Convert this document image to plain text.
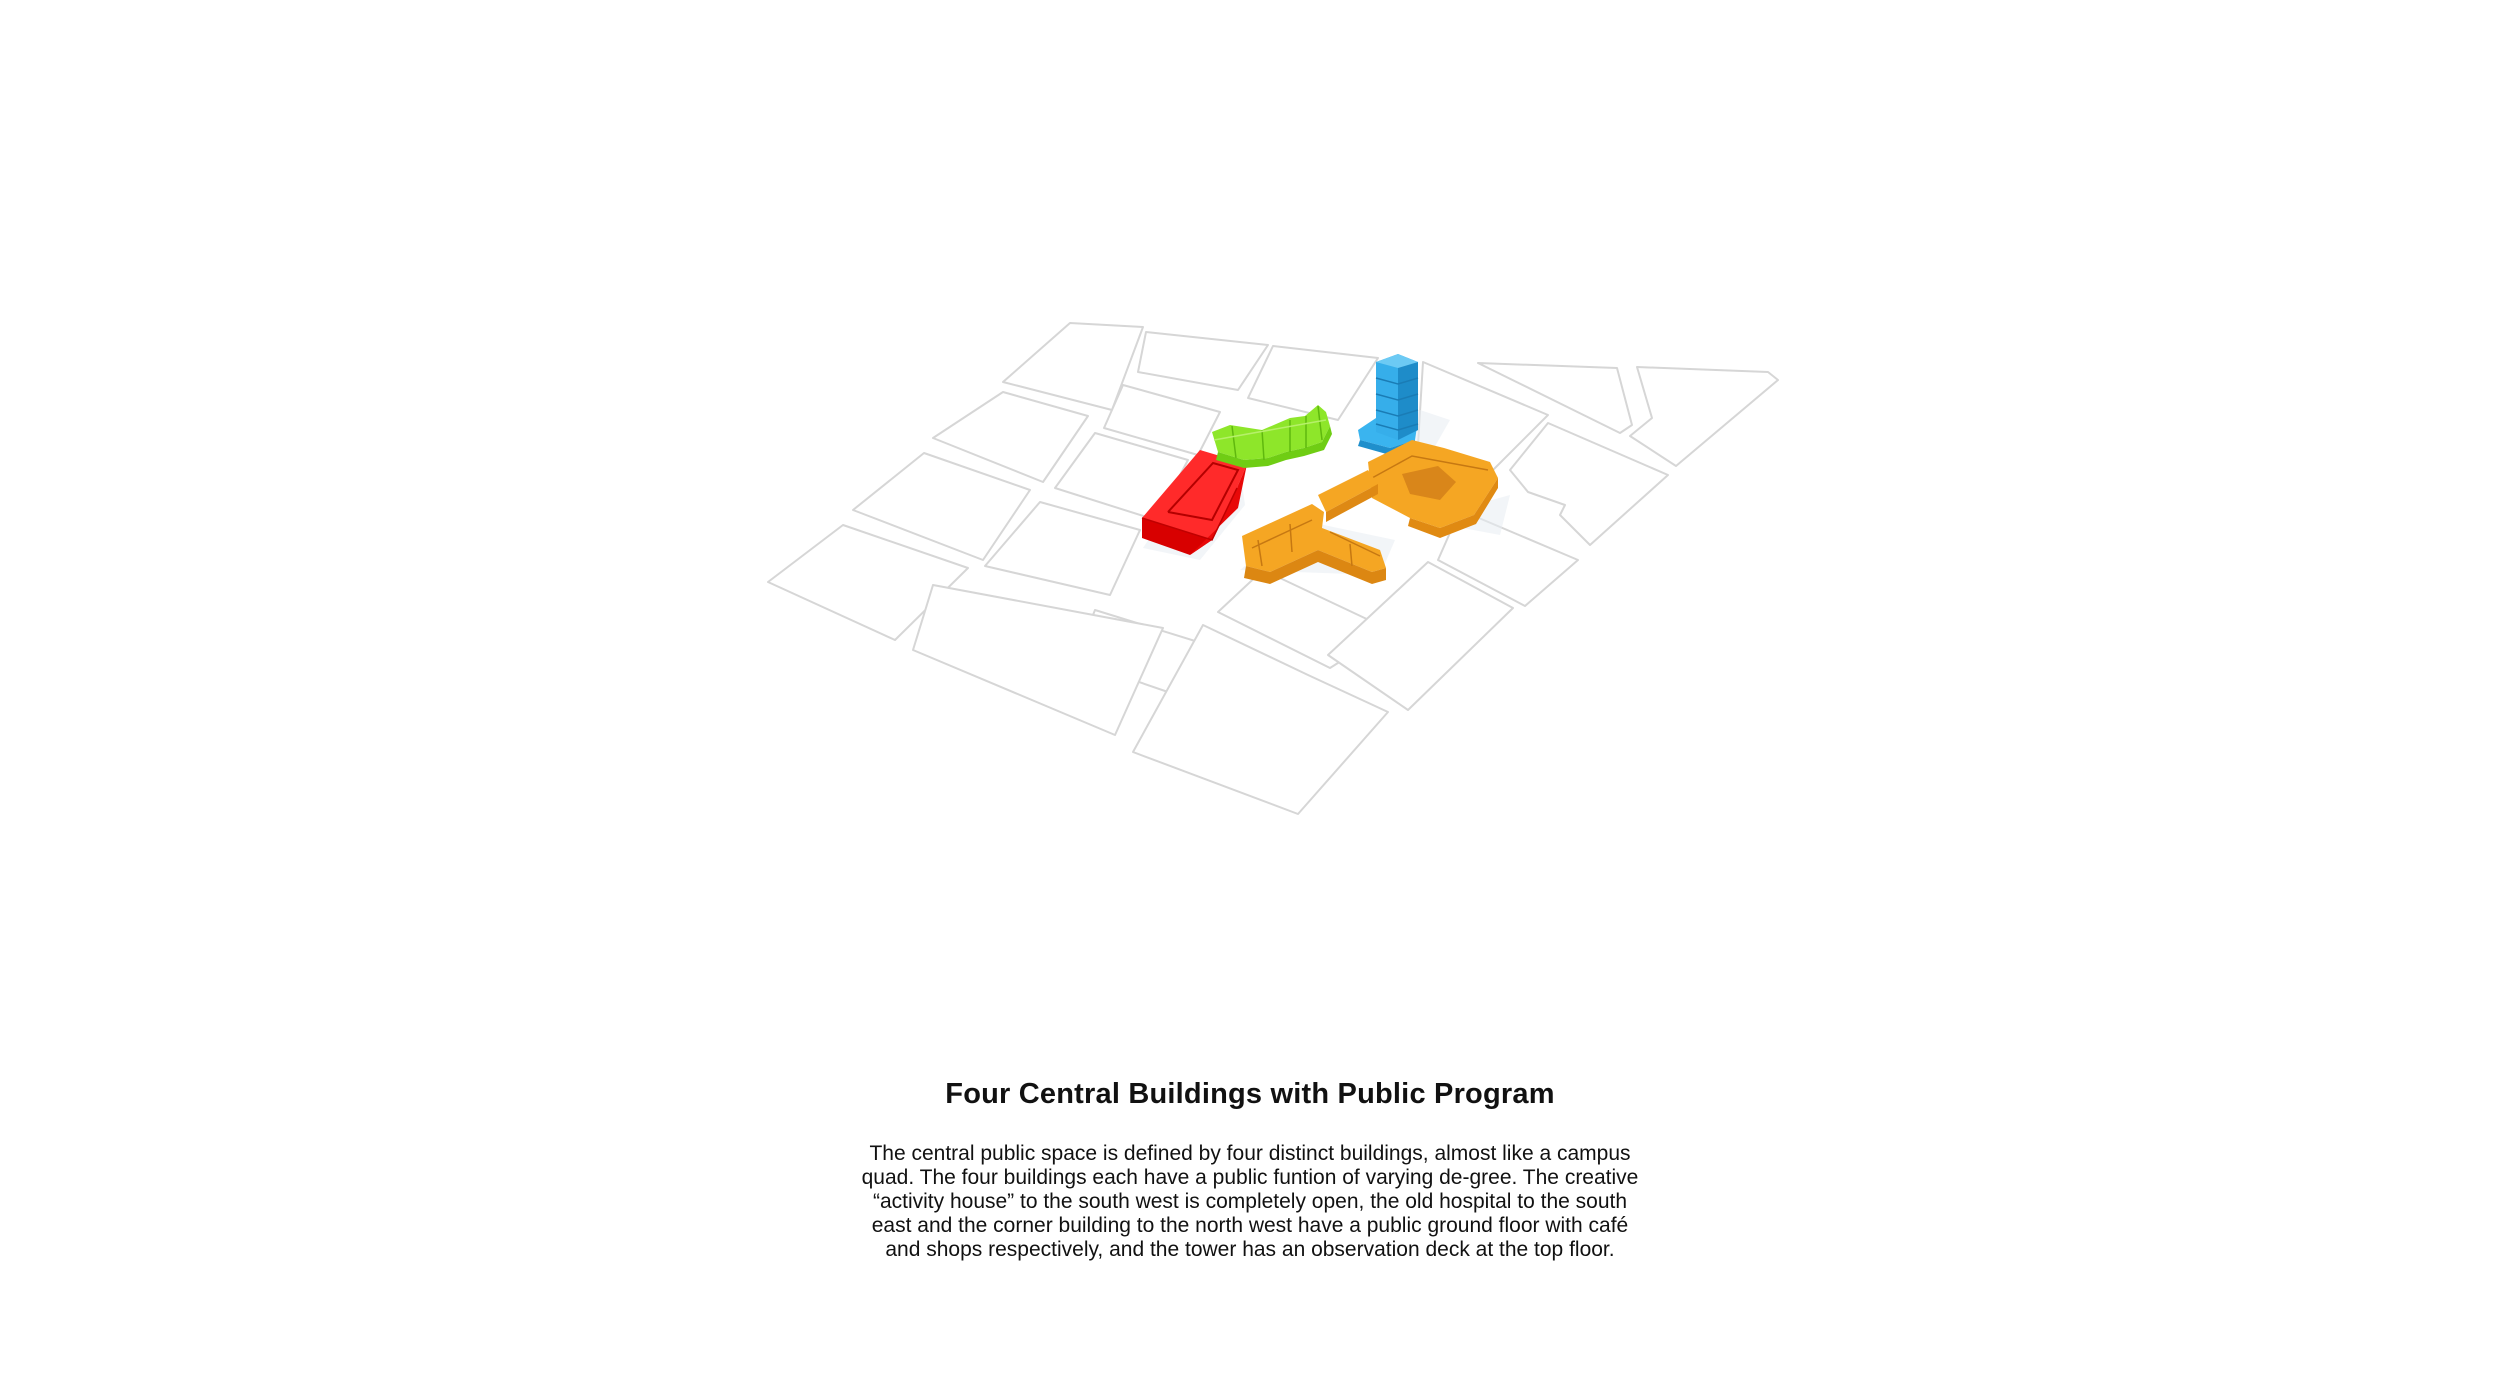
Four Central Buildings with Public Program
The central public space is defined by four distinct buildings, almost like a campus quad. The four buildings each have a public funtion of varying de-gree. The creative “activity house” to the south west is completely open, the old hospital to the south east and the corner building to the north west have a public ground floor with café and shops respectively, and the tower has an observation deck at the top floor.
